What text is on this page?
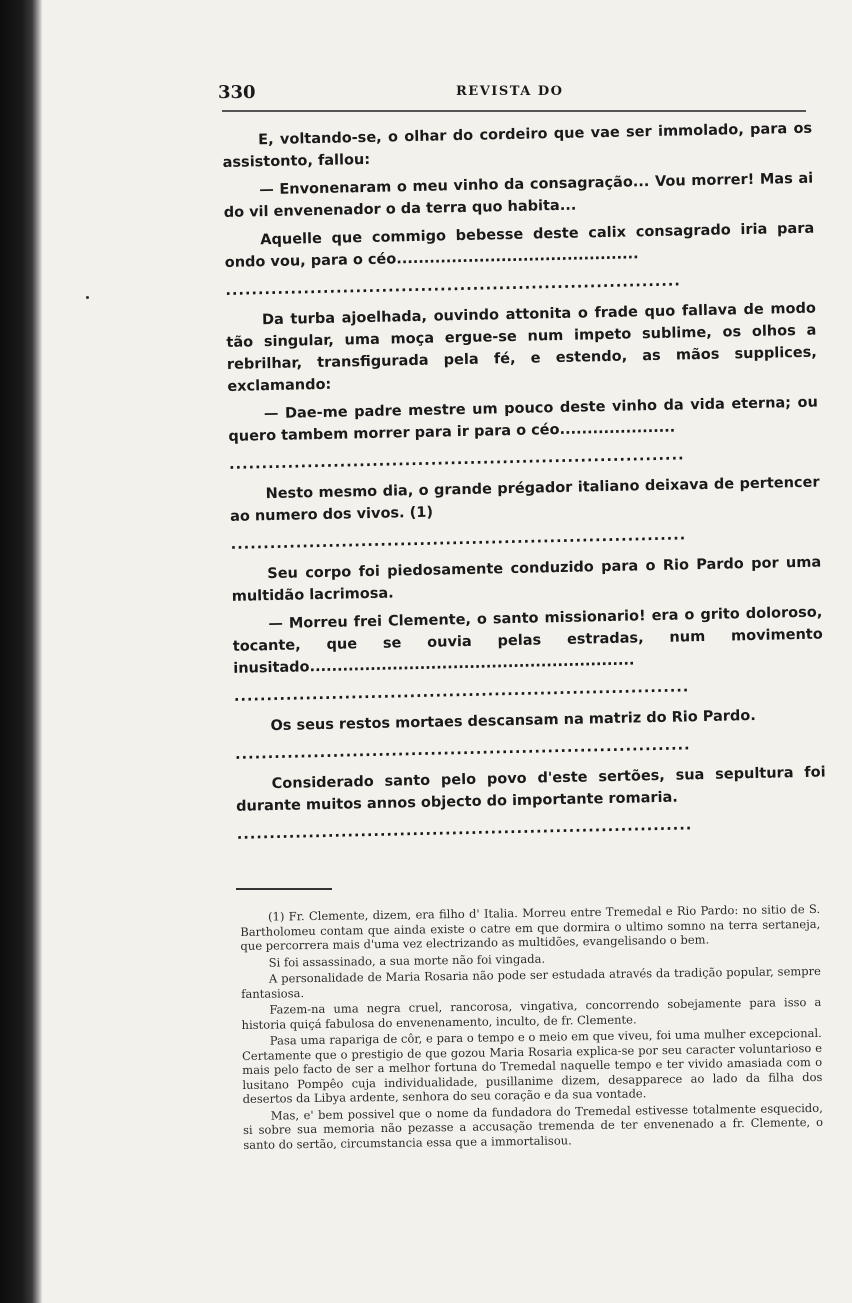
330	REVISTA DO

E, voltando-se, o olhar do cordeiro que vae ser immolado, para os assistonto, fallou:

— Envonenaram o meu vinho da consagração... Vou morrer! Mas ai do vil envenenador o da terra quo habita...

Aquelle que commigo bebesse deste calix consagrado iria para ondo vou, para o céo............................................

......................................................................

Da turba ajoelhada, ouvindo attonita o frade quo fallava de modo tão singular, uma moça ergue-se num impeto sublime, os olhos a rebrilhar, transfigurada pela fé, e estendo, as mãos supplices, exclamando:

— Dae-me padre mestre um pouco deste vinho da vida eterna; ou quero tambem morrer para ir para o céo.....................

......................................................................

Nesto mesmo dia, o grande prégador italiano deixava de pertencer ao numero dos vivos. (1)

......................................................................

Seu corpo foi piedosamente conduzido para o Rio Pardo por uma multidão lacrimosa.

— Morreu frei Clemente, o santo missionario! era o grito doloroso, tocante, que se ouvia pelas estradas, num movimento inusitado...........................................................

......................................................................

Os seus restos mortaes descansam na matriz do Rio Pardo.

......................................................................

Considerado santo pelo povo d'este sertões, sua sepultura foi durante muitos annos objecto do importante romaria.

......................................................................

(1) Fr. Clemente, dizem, era filho d' Italia. Morreu entre Tremedal e Rio Pardo: no sitio de S. Bartholomeu contam que ainda existe o catre em que dormira o ultimo somno na terra sertaneja, que percorrera mais d'uma vez electrizando as multidões, evangelisando o bem.

Si foi assassinado, a sua morte não foi vingada.

A personalidade de Maria Rosaria não pode ser estudada através da tradição popular, sempre fantasiosa.

Fazem-na uma negra cruel, rancorosa, vingativa, concorrendo sobejamente para isso a historia quiçá fabulosa do envenenamento, inculto, de fr. Clemente.

Pasa uma rapariga de côr, e para o tempo e o meio em que viveu, foi uma mulher excepcional. Certamente que o prestigio de que gozou Maria Rosaria explica-se por seu caracter voluntarioso e mais pelo facto de ser a melhor fortuna do Tremedal naquelle tempo e ter vivido amasiada com o lusitano Pompêo cuja individualidade, pusillanime dizem, desapparece ao lado da filha dos desertos da Libya ardente, senhora do seu coração e da sua vontade.

Mas, e' bem possivel que o nome da fundadora do Tremedal estivesse totalmente esquecido, si sobre sua memoria não pezasse a accusação tremenda de ter envenenado a fr. Clemente, o santo do sertão, circumstancia essa que a immortalisou.
